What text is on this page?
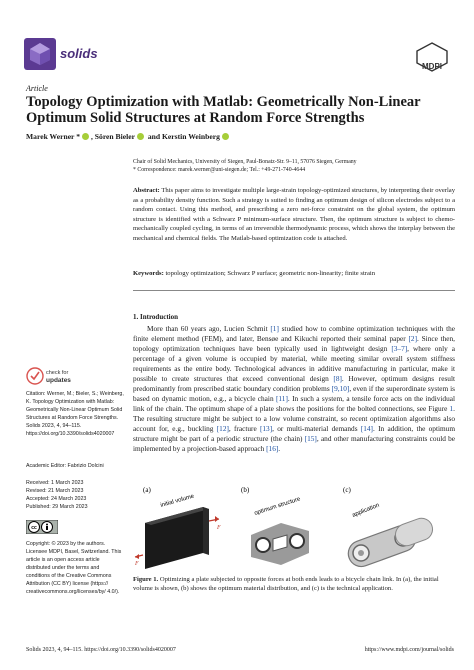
solids
MDPI
Article
Topology Optimization with Matlab: Geometrically Non-Linear Optimum Solid Structures at Random Force Strengths
Marek Werner * , Sören Bieler and Kerstin Weinberg
Chair of Solid Mechanics, University of Siegen, Paul-Bonatz-Str. 9–11, 57076 Siegen, Germany
* Correspondence: marek.werner@uni-siegen.de; Tel.: +49-271-740-4644
Abstract: This paper aims to investigate multiple large-strain topology-optimized structures, by interpreting their overlay as a probability density function. Such a strategy is suited to finding an optimum design of silicon electrodes subject to a random contact. Using this method, and prescribing a zero net-force constraint on the global system, the optimum structure is identified with a Schwarz P minimum-surface structure. Then, the optimum structure is subject to chemo-mechanically coupled cycling, in terms of an irreversible thermodynamic process, which shows the interplay between the mechanical and chemical fields. The Matlab-based optimization code is attached.
Keywords: topology optimization; Schwarz P surface; geometric non-linearity; finite strain
1. Introduction
More than 60 years ago, Lucien Schmit [1] studied how to combine optimization techniques with the finite element method (FEM), and later, Bensøe and Kikuchi reported their seminal paper [2]. Since then, topology optimization techniques have been typically used in lightweight design [3–7], where only a percentage of a given volume is occupied by material, while meeting similar overall system stiffness requirements as the entire body. Technological advances in additive manufacturing in particular, make it possible to create structures that exceed conventional design [8]. However, optimum designs result predominantly from prescribed static boundary condition problems [9,10], even if the superordinate system is based on dynamic motion, e.g., a bicycle chain [11]. In such a system, a tensile force acts on the individual link of the chain. The optimum shape of a plate shows the positions for the bolted connections, see Figure 1. The resulting structure might be subject to a low volume constraint, so recent optimization algorithms also account for, e.g., buckling [12], fracture [13], or multi-material demands [14]. In addition, the optimum structure might be part of a periodic structure (the chain) [15], and other manufacturing constraints could be implemented by a projection-based approach [16].
check for
updates
Citation: Werner, M.; Bieler, S.; Weinberg, K. Topology Optimization with Matlab: Geometrically Non-Linear Optimum Solid Structures at Random Force Strengths. Solids 2023, 4, 94–115. https://doi.org/10.3390/solids4020007
Academic Editor: Fabrizio Dolcini
Received: 1 March 2023
Revised: 21 March 2023
Accepted: 24 March 2023
Published: 29 March 2023
cc
Copyright: © 2023 by the authors. Licensee MDPI, Basel, Switzerland. This article is an open access article distributed under the terms and conditions of the Creative Commons Attribution (CC BY) license (https:// creativecommons.org/licenses/by/ 4.0/).
(a)
initial volume
F
F
(b)
optimum structure
(c)
application
Figure 1. Optimizing a plate subjected to opposite forces at both ends leads to a bicycle chain link. In (a), the initial volume is shown, (b) shows the optimum material distribution, and (c) is the technical application.
Solids 2023, 4, 94–115. https://doi.org/10.3390/solids4020007	https://www.mdpi.com/journal/solids
